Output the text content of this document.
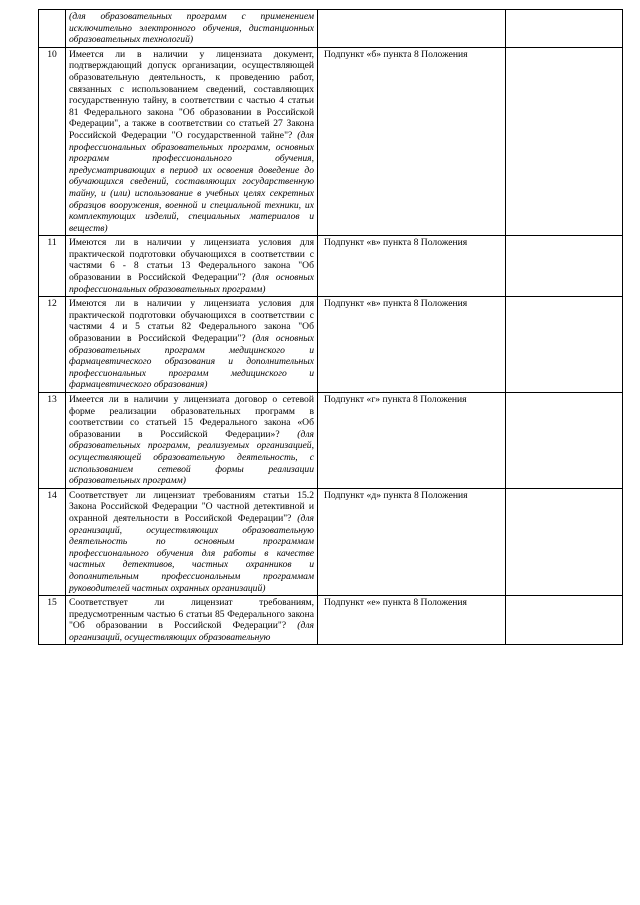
	(для образовательных программ с применением исключительно электронного обучения, дистанционных образовательных технологий)		
10	Имеется ли в наличии у лицензиата документ, подтверждающий допуск организации, осуществляющей образовательную деятельность, к проведению работ, связанных с использованием сведений, составляющих государственную тайну, в соответствии с частью 4 статьи 81 Федерального закона "Об образовании в Российской Федерации", а также в соответствии со статьей 27 Закона Российской Федерации "О государственной тайне"? (для профессиональных образовательных программ, основных программ профессионального обучения, предусматривающих в период их освоения доведение до обучающихся сведений, составляющих государственную тайну, и (или) использование в учебных целях секретных образцов вооружения, военной и специальной техники, их комплектующих изделий, специальных материалов и веществ)	Подпункт «б» пункта 8 Положения	
11	Имеются ли в наличии у лицензиата условия для практической подготовки обучающихся в соответствии с частями 6 - 8 статьи 13 Федерального закона "Об образовании в Российской Федерации"? (для основных профессиональных образовательных программ)	Подпункт «в» пункта 8 Положения	
12	Имеются ли в наличии у лицензиата условия для практической подготовки обучающихся в соответствии с частями 4 и 5 статьи 82 Федерального закона "Об образовании в Российской Федерации"? (для основных образовательных программ медицинского и фармацевтического образования и дополнительных профессиональных программ медицинского и фармацевтического образования)	Подпункт «в» пункта 8 Положения	
13	Имеется ли в наличии у лицензиата договор о сетевой форме реализации образовательных программ в соответствии со статьей 15 Федерального закона «Об образовании в Российской Федерации»? (для образовательных программ, реализуемых организацией, осуществляющей образовательную деятельность, с использованием сетевой формы реализации образовательных программ)	Подпункт «г» пункта 8 Положения	
14	Соответствует ли лицензиат требованиям статьи 15.2 Закона Российской Федерации "О частной детективной и охранной деятельности в Российской Федерации"? (для организаций, осуществляющих образовательную деятельность по основным программам профессионального обучения для работы в качестве частных детективов, частных охранников и дополнительным профессиональным программам руководителей частных охранных организаций)	Подпункт «д» пункта 8 Положения	
15	Соответствует ли лицензиат требованиям, предусмотренным частью 6 статьи 85 Федерального закона "Об образовании в Российской Федерации"? (для организаций, осуществляющих образовательную	Подпункт «е» пункта 8 Положения	
